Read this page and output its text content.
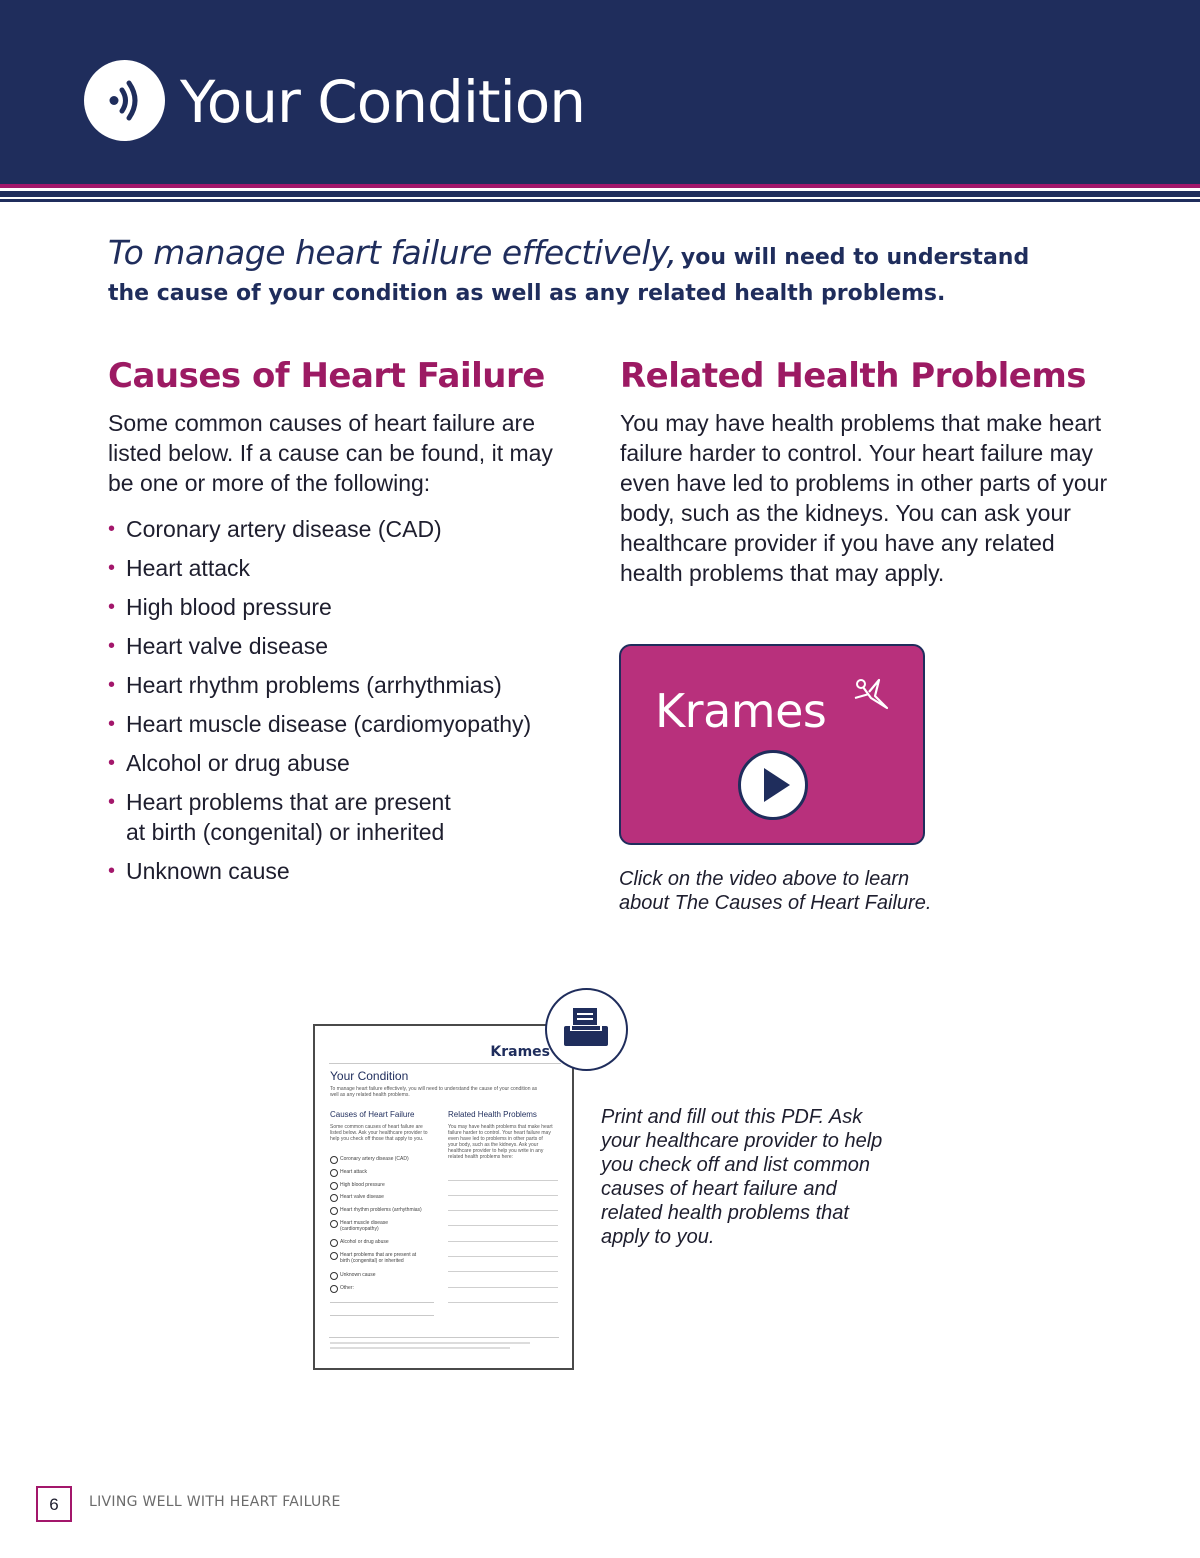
Your Condition
To manage heart failure effectively, you will need to understand the cause of your condition as well as any related health problems.
Causes of Heart Failure

Some common causes of heart failure are listed below. If a cause can be found, it may be one or more of the following:

• Coronary artery disease (CAD)
• Heart attack
• High blood pressure
• Heart valve disease
• Heart rhythm problems (arrhythmias)
• Heart muscle disease (cardiomyopathy)
• Alcohol or drug abuse
• Heart problems that are present at birth (congenital) or inherited
• Unknown cause
Related Health Problems

You may have health problems that make heart failure harder to control. Your heart failure may even have led to problems in other parts of your body, such as the kidneys. You can ask your healthcare provider if you have any related health problems that may apply.

Krames
Click on the video above to learn
about The Causes of Heart Failure.
Krames
Your Condition
To manage heart failure effectively, you will need to understand the cause of your condition as well as any related health problems.
Causes of Heart Failure
Some common causes of heart failure are listed below. Ask your healthcare provider to help you check off those that apply to you.
Related Health Problems
You may have health problems that make heart failure harder to control. Your heart failure may even have led to problems in other parts of your body, such as the kidneys. Ask your healthcare provider to help you write in any related health problems here:
Coronary artery disease (CAD)
Heart attack
High blood pressure
Heart valve disease
Heart rhythm problems (arrhythmias)
Heart muscle disease (cardiomyopathy)
Alcohol or drug abuse
Heart problems that are present at birth (congenital) or inherited
Unknown cause
Other:
Print and fill out this PDF. Ask
your healthcare provider to help
you check off and list common
causes of heart failure and
related health problems that
apply to you.
6	LIVING WELL WITH HEART FAILURE
